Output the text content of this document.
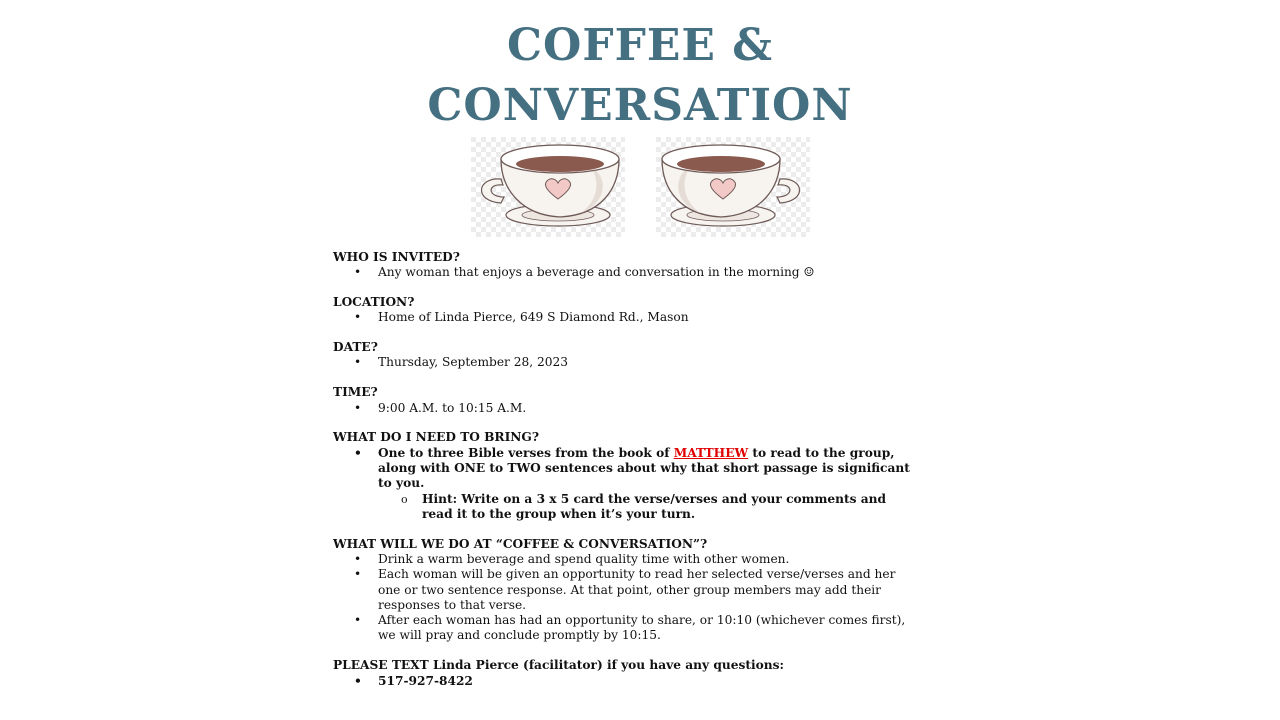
COFFEE &
CONVERSATION

WHO IS INVITED?

• Any woman that enjoys a beverage and conversation in the morning ☺

LOCATION?

• Home of Linda Pierce, 649 S Diamond Rd., Mason

DATE?

• Thursday, September 28, 2023

TIME?

• 9:00 A.M. to 10:15 A.M.

WHAT DO I NEED TO BRING?

• One to three Bible verses from the book of MATTHEW to read to the group, along with ONE to TWO sentences about why that short passage is significant to you.
o Hint: Write on a 3 x 5 card the verse/verses and your comments and read it to the group when it’s your turn.

WHAT WILL WE DO AT “COFFEE & CONVERSATION”?

• Drink a warm beverage and spend quality time with other women.
• Each woman will be given an opportunity to read her selected verse/verses and her one or two sentence response. At that point, other group members may add their responses to that verse.
• After each woman has had an opportunity to share, or 10:10 (whichever comes first), we will pray and conclude promptly by 10:15.

PLEASE TEXT Linda Pierce (facilitator) if you have any questions:

• 517-927-8422
